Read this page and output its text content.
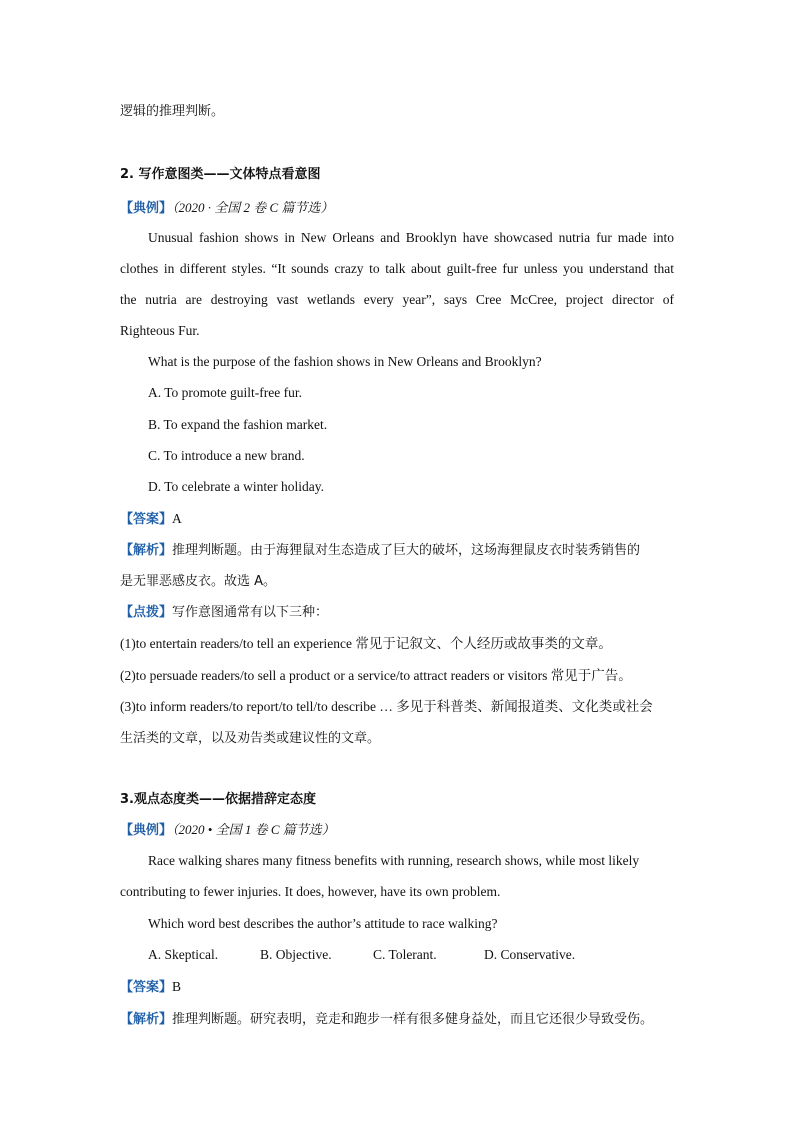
逻辑的推理判断。
2. 写作意图类——文体特点看意图
【典例】（2020 · 全国 2 卷 C 篇节选）
Unusual fashion shows in New Orleans and Brooklyn have showcased nutria fur made into
clothes in different styles. “It sounds crazy to talk about guilt-free fur unless you understand that
the nutria are destroying vast wetlands every year”, says Cree McCree, project director of
Righteous Fur.
What is the purpose of the fashion shows in New Orleans and Brooklyn?
A. To promote guilt-free fur.
B. To expand the fashion market.
C. To introduce a new brand.
D. To celebrate a winter holiday.
【答案】A
【解析】推理判断题。由于海狸鼠对生态造成了巨大的破坏，这场海狸鼠皮衣时装秀销售的
是无罪恶感皮衣。故选 A。
【点拨】写作意图通常有以下三种：
(1)to entertain readers/to tell an experience 常见于记叙文、个人经历或故事类的文章。
(2)to persuade readers/to sell a product or a service/to attract readers or visitors 常见于广告。
(3)to inform readers/to report/to tell/to describe … 多见于科普类、新闻报道类、文化类或社会
生活类的文章，以及劝告类或建议性的文章。
3.观点态度类——依据措辞定态度
【典例】（2020 • 全国 1 卷 C 篇节选）
Race walking shares many fitness benefits with running, research shows, while most likely
contributing to fewer injuries. It does, however, have its own problem.
Which word best describes the author’s attitude to race walking?
A. Skeptical.	B. Objective.	C. Tolerant.	D. Conservative.
【答案】B
【解析】推理判断题。研究表明，竞走和跑步一样有很多健身益处，而且它还很少导致受伤。
